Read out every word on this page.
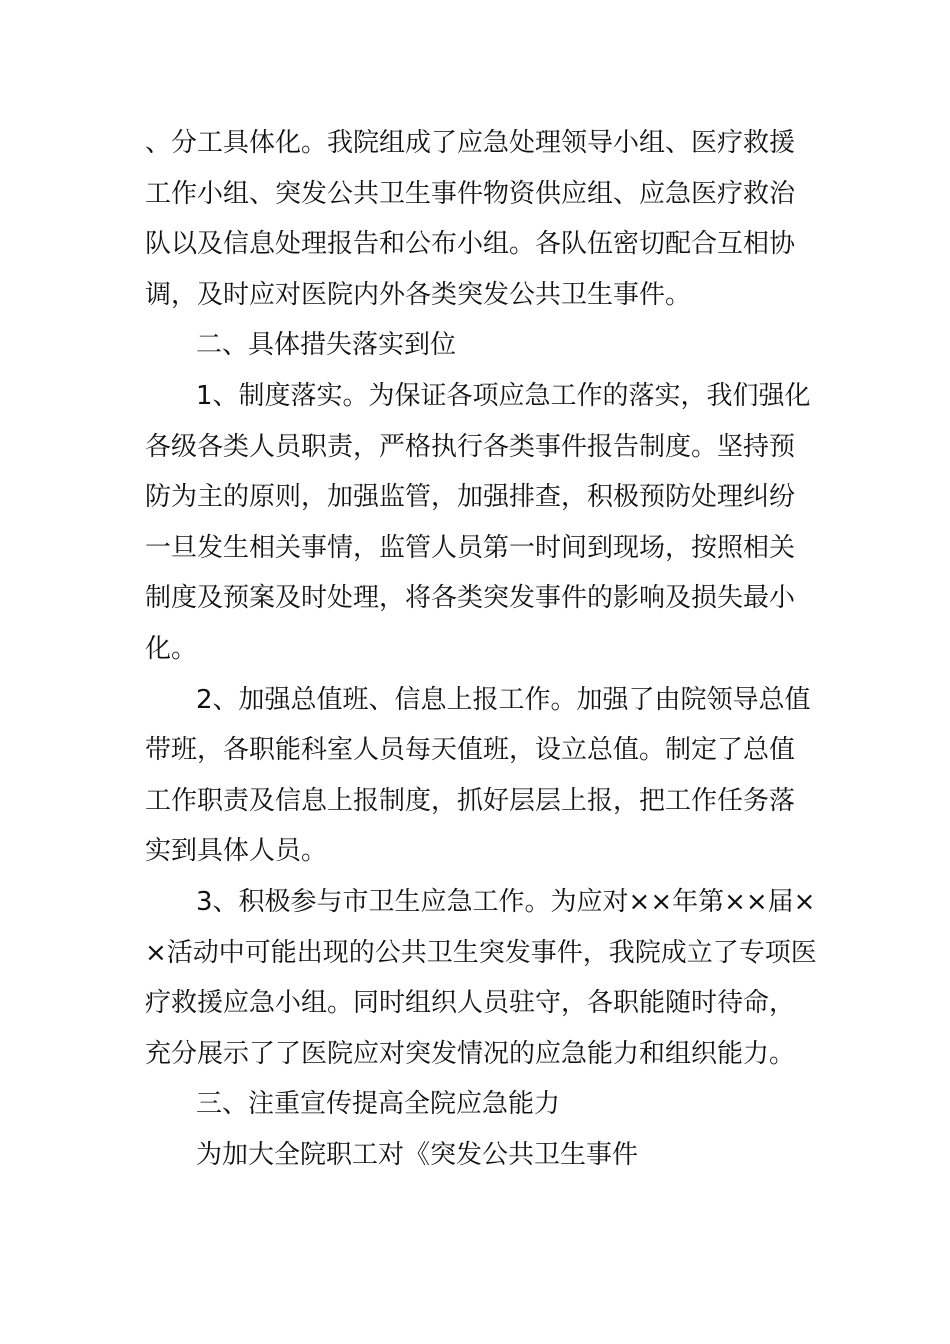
、分工具体化。我院组成了应急处理领导小组、医疗救援
工作小组、突发公共卫生事件物资供应组、应急医疗救治
队以及信息处理报告和公布小组。各队伍密切配合互相协
调，及时应对医院内外各类突发公共卫生事件。
二、具体措失落实到位
1、制度落实。为保证各项应急工作的落实，我们强化
各级各类人员职责，严格执行各类事件报告制度。坚持预
防为主的原则，加强监管，加强排查，积极预防处理纠纷
一旦发生相关事情，监管人员第一时间到现场，按照相关
制度及预案及时处理，将各类突发事件的影响及损失最小
化。
2、加强总值班、信息上报工作。加强了由院领导总值
带班，各职能科室人员每天值班，设立总值。制定了总值
工作职责及信息上报制度，抓好层层上报，把工作任务落
实到具体人员。
3、积极参与市卫生应急工作。为应对××年第××届×
×活动中可能出现的公共卫生突发事件，我院成立了专项医
疗救援应急小组。同时组织人员驻守，各职能随时待命，
充分展示了了医院应对突发情况的应急能力和组织能力。
三、注重宣传提高全院应急能力
为加大全院职工对《突发公共卫生事件
